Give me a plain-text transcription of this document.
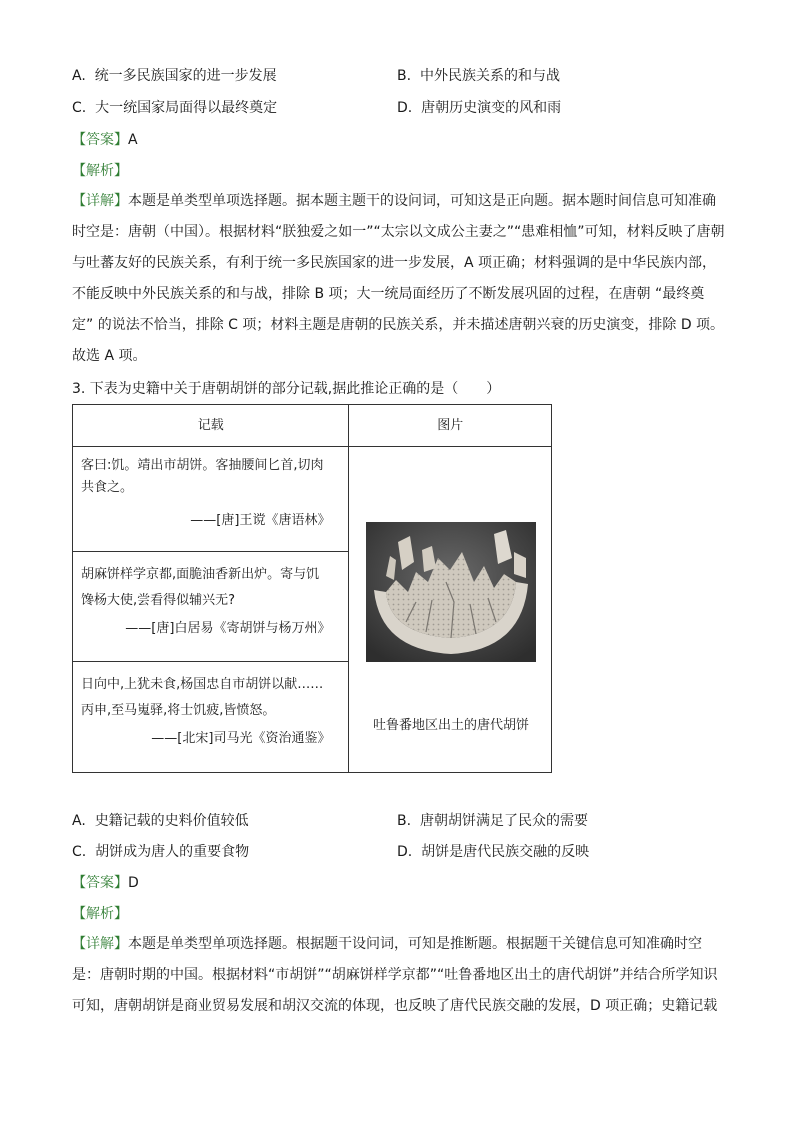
A. 统一多民族国家的进一步发展	B. 中外民族关系的和与战
C. 大一统国家局面得以最终奠定	D. 唐朝历史演变的风和雨
【答案】A
【解析】
【详解】本题是单类型单项选择题。据本题主题干的设问词，可知这是正向题。据本题时间信息可知准确
时空是：唐朝（中国）。根据材料“朕独爱之如一”“太宗以文成公主妻之”“患难相恤”可知，材料反映了唐朝
与吐蕃友好的民族关系，有利于统一多民族国家的进一步发展，A 项正确；材料强调的是中华民族内部，
不能反映中外民族关系的和与战，排除 B 项；大一统局面经历了不断发展巩固的过程，在唐朝 “最终奠
定” 的说法不恰当，排除 C 项；材料主题是唐朝的民族关系，并未描述唐朝兴衰的历史演变，排除 D 项。
故选 A 项。
3. 下表为史籍中关于唐朝胡饼的部分记载,据此推论正确的是（　　）
记载	图片

客曰:饥。靖出市胡饼。客抽腰间匕首,切肉
共食之。
——[唐]王谠《唐语林》	吐鲁番地区出土的唐代胡饼

胡麻饼样学京都,面脆油香新出炉。寄与饥
馋杨大使,尝看得似辅兴无?
——[唐]白居易《寄胡饼与杨万州》	

日向中,上犹未食,杨国忠自市胡饼以献……
丙申,至马嵬驿,将士饥疲,皆愤怒。
——[北宋]司马光《资治通鉴》	
A. 史籍记载的史料价值较低	B. 唐朝胡饼满足了民众的需要
C. 胡饼成为唐人的重要食物	D. 胡饼是唐代民族交融的反映
【答案】D
【解析】
【详解】本题是单类型单项选择题。根据题干设问词，可知是推断题。根据题干关键信息可知准确时空
是：唐朝时期的中国。根据材料“市胡饼”“胡麻饼样学京都”“吐鲁番地区出土的唐代胡饼”并结合所学知识
可知，唐朝胡饼是商业贸易发展和胡汉交流的体现，也反映了唐代民族交融的发展，D 项正确；史籍记载
